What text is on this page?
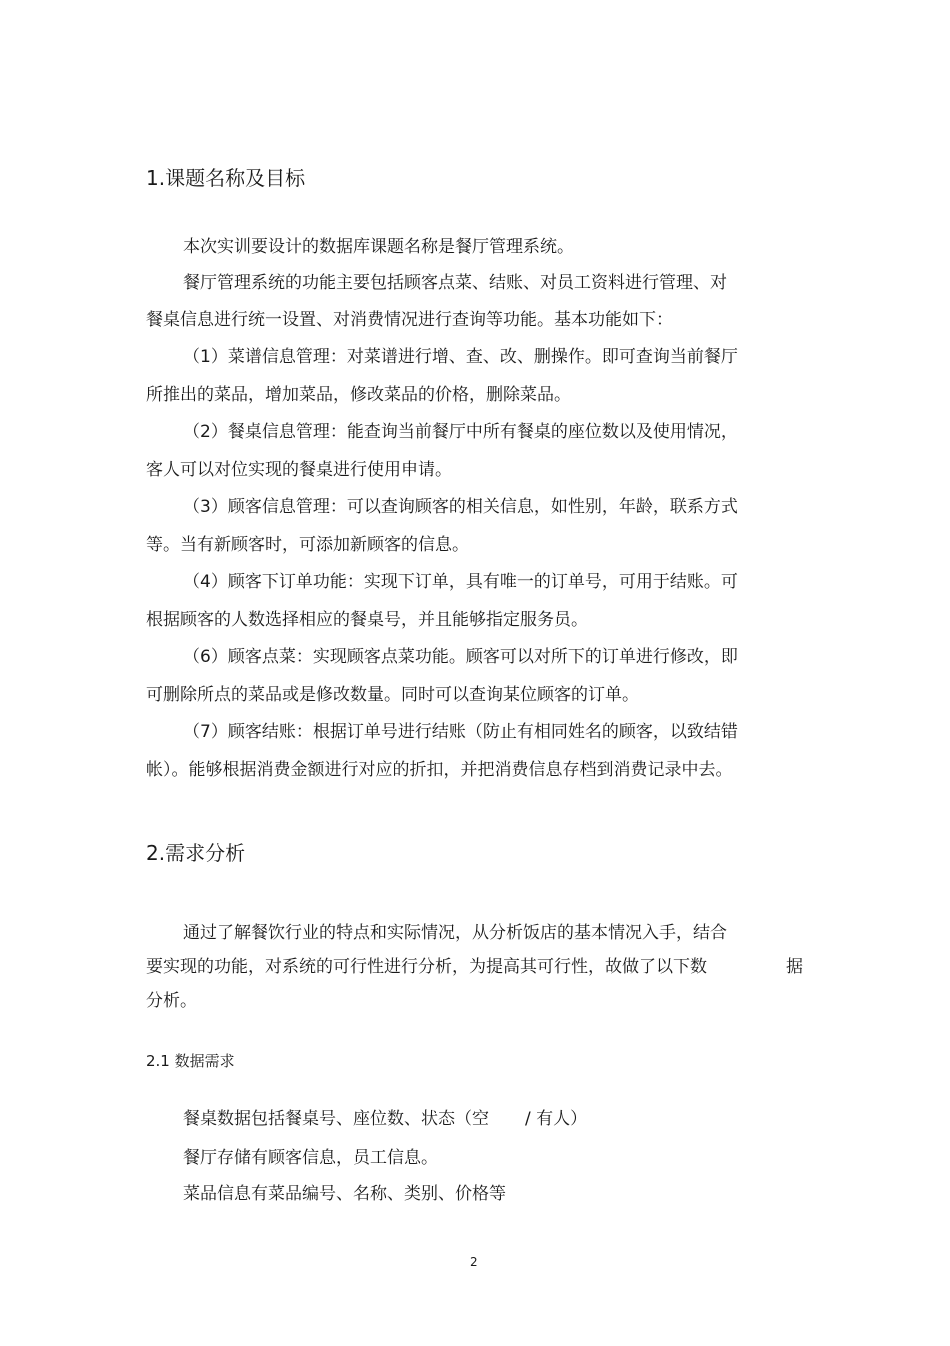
1.课题名称及目标
本次实训要设计的数据库课题名称是餐厅管理系统。
餐厅管理系统的功能主要包括顾客点菜、结账、对员工资料进行管理、对
餐桌信息进行统一设置、对消费情况进行查询等功能。基本功能如下：
（1）菜谱信息管理：对菜谱进行增、查、改、删操作。即可查询当前餐厅
所推出的菜品，增加菜品，修改菜品的价格，删除菜品。
（2）餐桌信息管理：能查询当前餐厅中所有餐桌的座位数以及使用情况，
客人可以对位实现的餐桌进行使用申请。
（3）顾客信息管理：可以查询顾客的相关信息，如性别，年龄，联系方式
等。当有新顾客时，可添加新顾客的信息。
（4）顾客下订单功能：实现下订单，具有唯一的订单号，可用于结账。可
根据顾客的人数选择相应的餐桌号，并且能够指定服务员。
（6）顾客点菜：实现顾客点菜功能。顾客可以对所下的订单进行修改，即
可删除所点的菜品或是修改数量。同时可以查询某位顾客的订单。
（7）顾客结账：根据订单号进行结账（防止有相同姓名的顾客，以致结错
帐）。能够根据消费金额进行对应的折扣，并把消费信息存档到消费记录中去。
2.需求分析
通过了解餐饮行业的特点和实际情况，从分析饭店的基本情况入手，结合
要实现的功能，对系统的可行性进行分析，为提高其可行性，故做了以下数	据
分析。
2.1 数据需求
餐桌数据包括餐桌号、座位数、状态（空 / 有人）
餐厅存储有顾客信息，员工信息。
菜品信息有菜品编号、名称、类别、价格等
2
